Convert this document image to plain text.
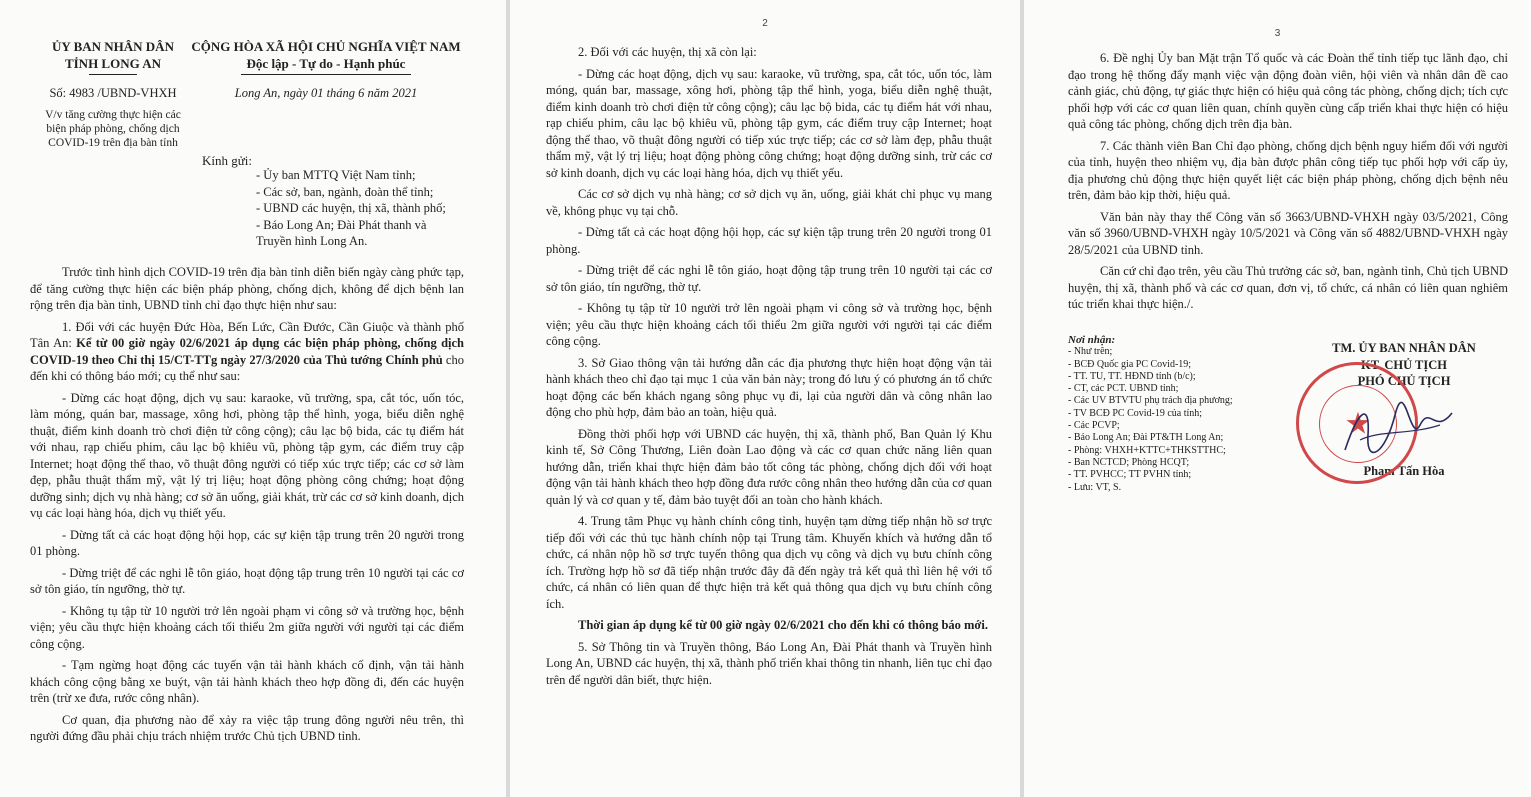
ỦY BAN NHÂN DÂN
TỈNH LONG AN
CỘNG HÒA XÃ HỘI CHỦ NGHĨA VIỆT NAM
Độc lập - Tự do - Hạnh phúc
Số: 4983 /UBND-VHXH	Long An, ngày 01 tháng 6 năm 2021
V/v tăng cường thực hiện các
biện pháp phòng, chống dịch
COVID-19 trên địa bàn tỉnh
Kính gửi:
- Ủy ban MTTQ Việt Nam tỉnh;
- Các sở, ban, ngành, đoàn thể tỉnh;
- UBND các huyện, thị xã, thành phố;
- Báo Long An; Đài Phát thanh và
Truyền hình Long An.

Trước tình hình dịch COVID-19 trên địa bàn tỉnh diễn biến ngày càng phức tạp, để tăng cường thực hiện các biện pháp phòng, chống dịch, không để dịch bệnh lan rộng trên địa bàn tỉnh, UBND tỉnh chỉ đạo thực hiện như sau:

1. Đối với các huyện Đức Hòa, Bến Lức, Cần Đước, Cần Giuộc và thành phố Tân An: Kể từ 00 giờ ngày 02/6/2021 áp dụng các biện pháp phòng, chống dịch COVID-19 theo Chỉ thị 15/CT-TTg ngày 27/3/2020 của Thủ tướng Chính phủ cho đến khi có thông báo mới; cụ thể như sau:

- Dừng các hoạt động, dịch vụ sau: karaoke, vũ trường, spa, cắt tóc, uốn tóc, làm móng, quán bar, massage, xông hơi, phòng tập thể hình, yoga, biểu diễn nghệ thuật, điểm kinh doanh trò chơi điện tử công cộng); câu lạc bộ bida, các tụ điểm hát với nhau, rạp chiếu phim, câu lạc bộ khiêu vũ, phòng tập gym, các điểm truy cập Internet; hoạt động thể thao, võ thuật đông người có tiếp xúc trực tiếp; các cơ sở làm đẹp, phẫu thuật thẩm mỹ, vật lý trị liệu; hoạt động phòng công chứng; hoạt động dưỡng sinh; dịch vụ nhà hàng; cơ sở ăn uống, giải khát, trừ các cơ sở kinh doanh, dịch vụ các loại hàng hóa, dịch vụ thiết yếu.

- Dừng tất cả các hoạt động hội họp, các sự kiện tập trung trên 20 người trong 01 phòng.

- Dừng triệt để các nghi lễ tôn giáo, hoạt động tập trung trên 10 người tại các cơ sở tôn giáo, tín ngưỡng, thờ tự.

- Không tụ tập từ 10 người trở lên ngoài phạm vi công sở và trường học, bệnh viện; yêu cầu thực hiện khoảng cách tối thiểu 2m giữa người với người tại các điểm công cộng.

- Tạm ngừng hoạt động các tuyến vận tải hành khách cố định, vận tải hành khách công cộng bằng xe buýt, vận tải hành khách theo hợp đồng đi, đến các huyện trên (trừ xe đưa, rước công nhân).

Cơ quan, địa phương nào để xảy ra việc tập trung đông người nêu trên, thì người đứng đầu phải chịu trách nhiệm trước Chủ tịch UBND tỉnh.

2

2. Đối với các huyện, thị xã còn lại:

- Dừng các hoạt động, dịch vụ sau: karaoke, vũ trường, spa, cắt tóc, uốn tóc, làm móng, quán bar, massage, xông hơi, phòng tập thể hình, yoga, biểu diễn nghệ thuật, điểm kinh doanh trò chơi điện tử công cộng); câu lạc bộ bida, các tụ điểm hát với nhau, rạp chiếu phim, câu lạc bộ khiêu vũ, phòng tập gym, các điểm truy cập Internet; hoạt động thể thao, võ thuật đông người có tiếp xúc trực tiếp; các cơ sở làm đẹp, phẫu thuật thẩm mỹ, vật lý trị liệu; hoạt động phòng công chứng; hoạt động dưỡng sinh, trừ các cơ sở kinh doanh, dịch vụ các loại hàng hóa, dịch vụ thiết yếu.

Các cơ sở dịch vụ nhà hàng; cơ sở dịch vụ ăn, uống, giải khát chỉ phục vụ mang về, không phục vụ tại chỗ.

- Dừng tất cả các hoạt động hội họp, các sự kiện tập trung trên 20 người trong 01 phòng.

- Dừng triệt để các nghi lễ tôn giáo, hoạt động tập trung trên 10 người tại các cơ sở tôn giáo, tín ngưỡng, thờ tự.

- Không tụ tập từ 10 người trở lên ngoài phạm vi công sở và trường học, bệnh viện; yêu cầu thực hiện khoảng cách tối thiểu 2m giữa người với người tại các điểm công cộng.

3. Sở Giao thông vận tải hướng dẫn các địa phương thực hiện hoạt động vận tải hành khách theo chỉ đạo tại mục 1 của văn bản này; trong đó lưu ý có phương án tổ chức hoạt động các bến khách ngang sông phục vụ đi, lại của người dân và công nhân lao động cho phù hợp, đảm bảo an toàn, hiệu quả.

Đồng thời phối hợp với UBND các huyện, thị xã, thành phố, Ban Quản lý Khu kinh tế, Sở Công Thương, Liên đoàn Lao động và các cơ quan chức năng liên quan hướng dẫn, triển khai thực hiện đảm bảo tốt công tác phòng, chống dịch đối với hoạt động vận tải hành khách theo hợp đồng đưa rước công nhân theo hướng dẫn của cơ quan quản lý và cơ quan y tế, đảm bảo tuyệt đối an toàn cho hành khách.

4. Trung tâm Phục vụ hành chính công tỉnh, huyện tạm dừng tiếp nhận hồ sơ trực tiếp đối với các thủ tục hành chính nộp tại Trung tâm. Khuyến khích và hướng dẫn tổ chức, cá nhân nộp hồ sơ trực tuyến thông qua dịch vụ công và dịch vụ bưu chính công ích. Trường hợp hồ sơ đã tiếp nhận trước đây đã đến ngày trả kết quả thì liên hệ với tổ chức, cá nhân có liên quan để thực hiện trả kết quả thông qua dịch vụ bưu chính công ích.

Thời gian áp dụng kể từ 00 giờ ngày 02/6/2021 cho đến khi có thông báo mới.

5. Sở Thông tin và Truyền thông, Báo Long An, Đài Phát thanh và Truyền hình Long An, UBND các huyện, thị xã, thành phố triển khai thông tin nhanh, liên tục chỉ đạo trên để người dân biết, thực hiện.

3

6. Đề nghị Ủy ban Mặt trận Tổ quốc và các Đoàn thể tỉnh tiếp tục lãnh đạo, chỉ đạo trong hệ thống đẩy mạnh việc vận động đoàn viên, hội viên và nhân dân đề cao cảnh giác, chủ động, tự giác thực hiện có hiệu quả công tác phòng, chống dịch; tích cực phối hợp với các cơ quan liên quan, chính quyền cùng cấp triển khai thực hiện có hiệu quả công tác phòng, chống dịch trên địa bàn.

7. Các thành viên Ban Chỉ đạo phòng, chống dịch bệnh nguy hiểm đối với người của tỉnh, huyện theo nhiệm vụ, địa bàn được phân công tiếp tục phối hợp với cấp ủy, địa phương chủ động thực hiện quyết liệt các biện pháp phòng, chống dịch bệnh nêu trên, đảm bảo kịp thời, hiệu quả.

Văn bản này thay thế Công văn số 3663/UBND-VHXH ngày 03/5/2021, Công văn số 3960/UBND-VHXH ngày 10/5/2021 và Công văn số 4882/UBND-VHXH ngày 28/5/2021 của UBND tỉnh.

Căn cứ chỉ đạo trên, yêu cầu Thủ trưởng các sở, ban, ngành tỉnh, Chủ tịch UBND huyện, thị xã, thành phố và các cơ quan, đơn vị, tổ chức, cá nhân có liên quan nghiêm túc triển khai thực hiện./.

Nơi nhận:
- Như trên;
- BCĐ Quốc gia PC Covid-19;
- TT. TU, TT. HĐND tỉnh (b/c);
- CT, các PCT. UBND tỉnh;
- Các UV BTVTU phụ trách địa phương;
- TV BCĐ PC Covid-19 của tỉnh;
- Các PCVP;
- Báo Long An; Đài PT&TH Long An;
- Phòng: VHXH+KTTC+THKSTTHC;
- Ban NCTCD; Phòng HCQT;
- TT. PVHCC; TT PVHN tỉnh;
- Lưu: VT, S.
TM. ỦY BAN NHÂN DÂN
KT. CHỦ TỊCH
PHÓ CHỦ TỊCH
Phạm Tấn Hòa
★
